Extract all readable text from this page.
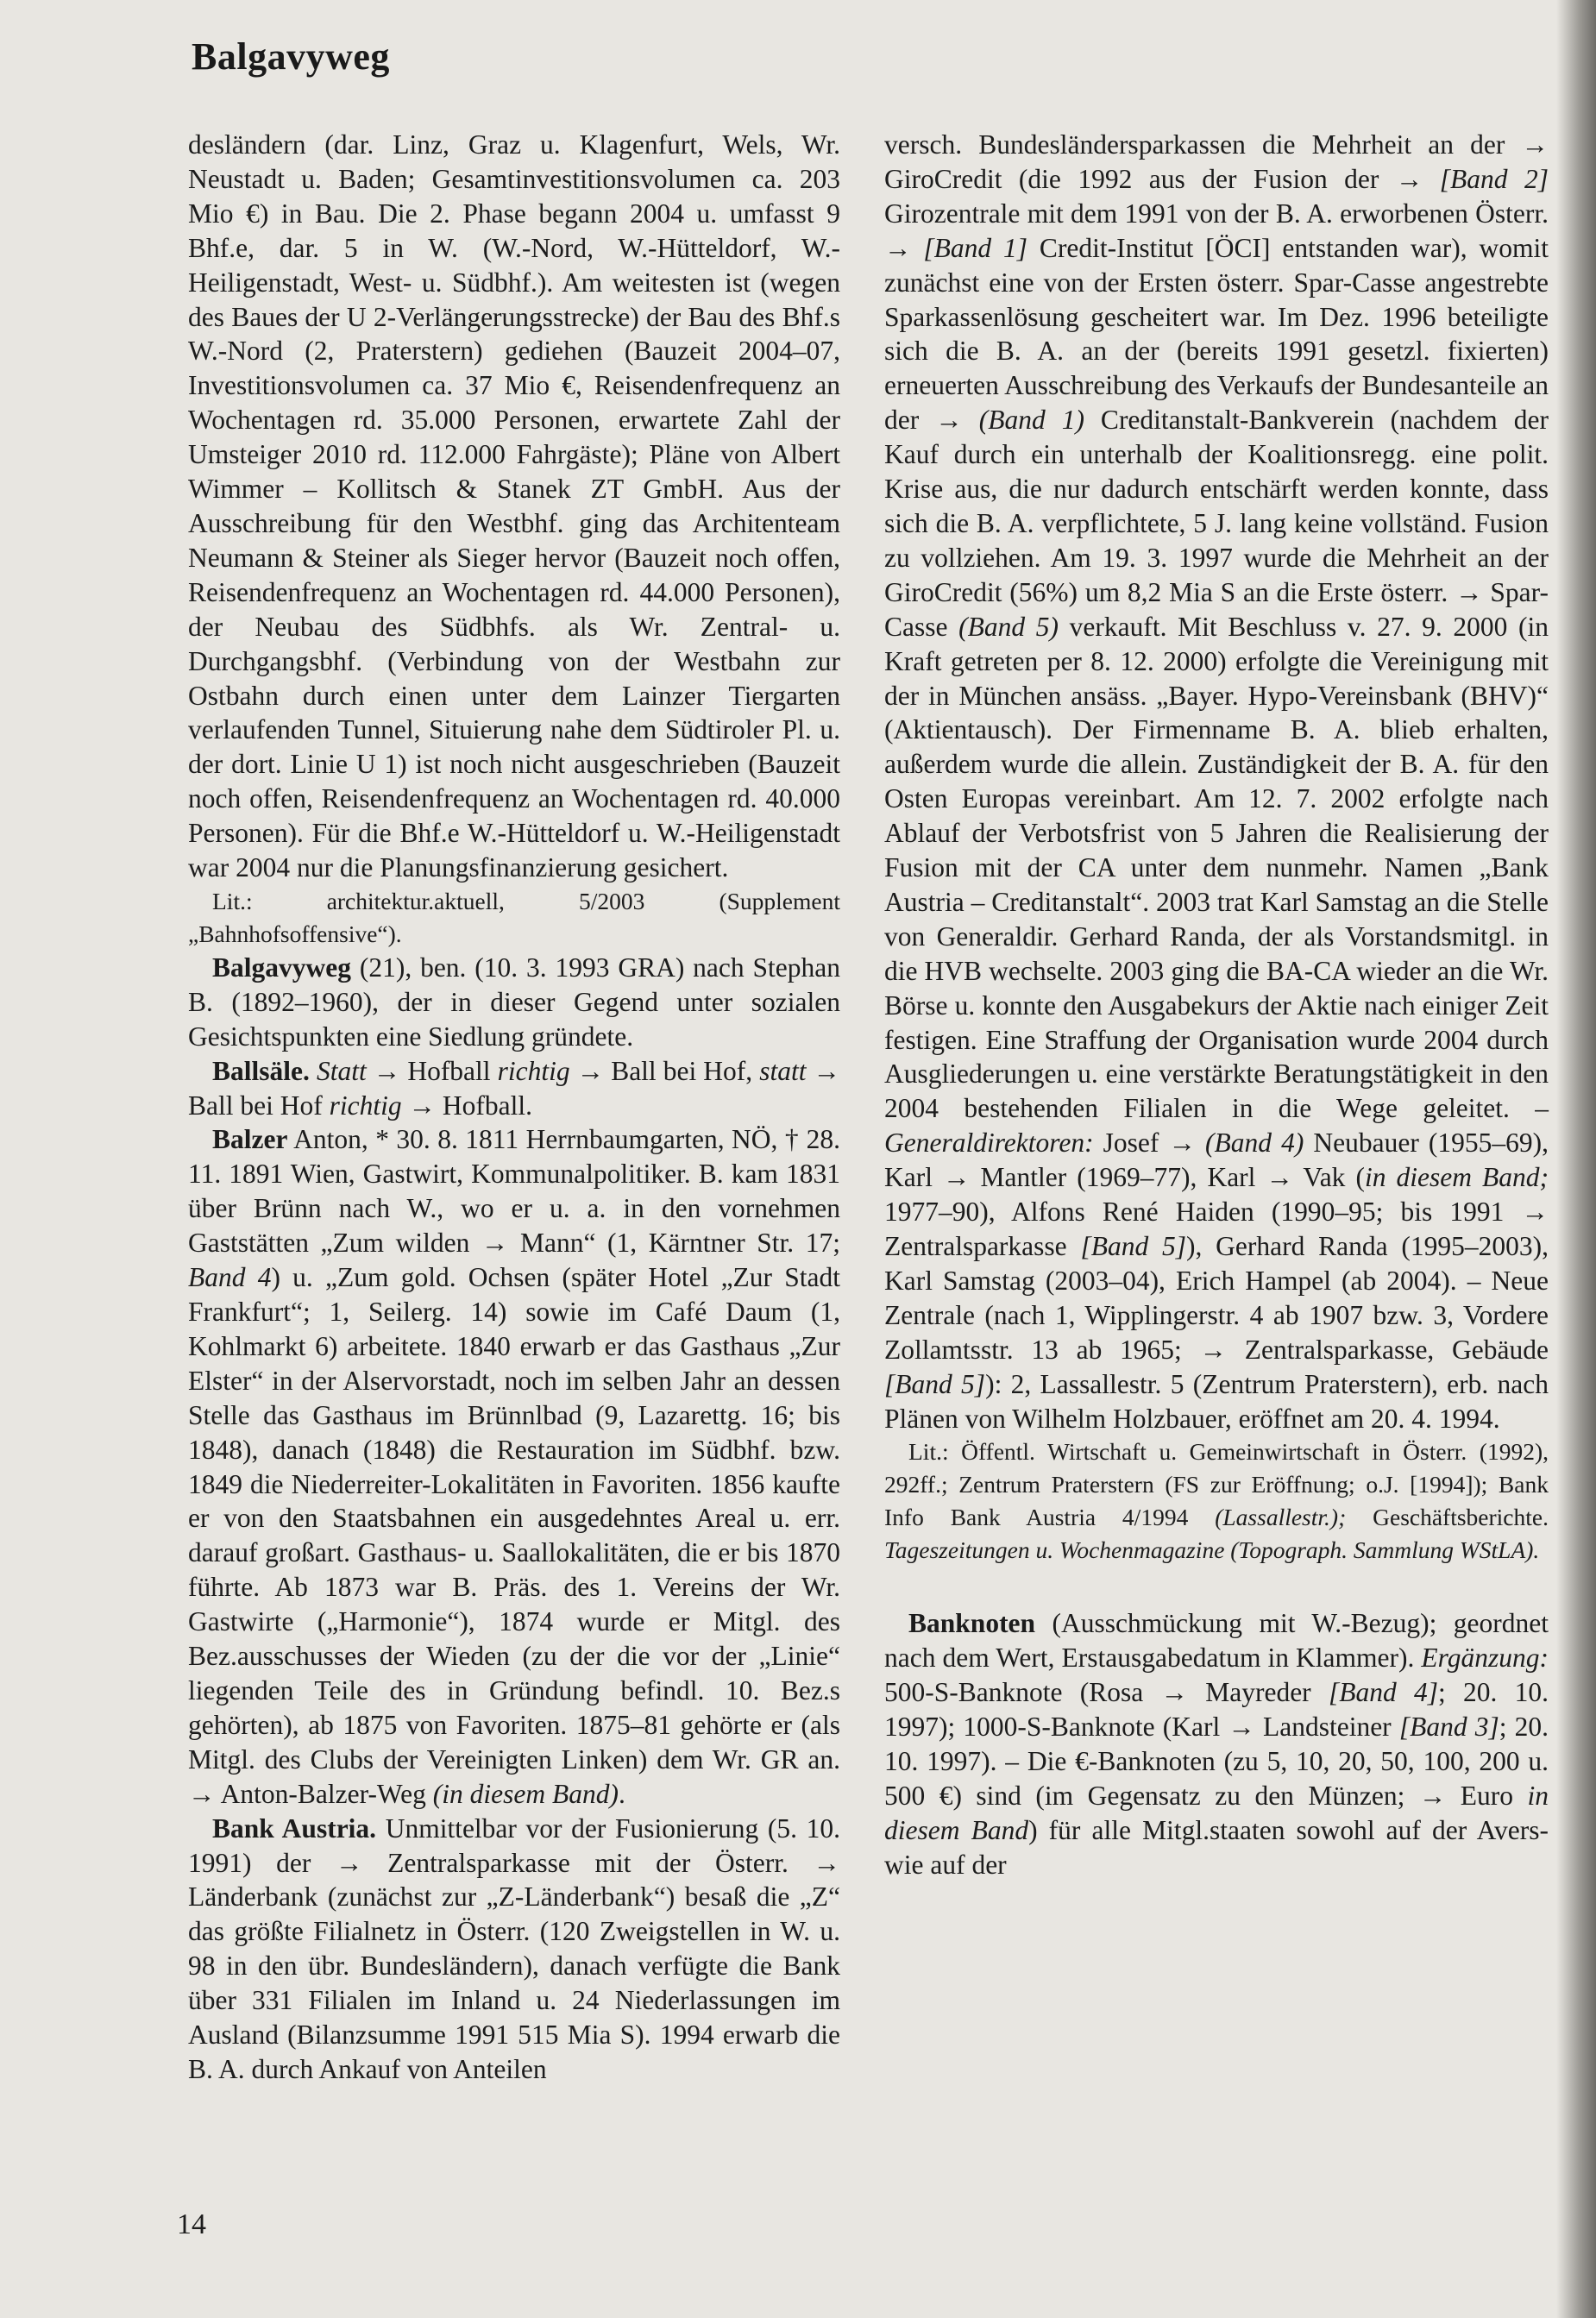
Balgavyweg

desländern (dar. Linz, Graz u. Klagenfurt, Wels, Wr. Neustadt u. Baden; Gesamtinvestitionsvolumen ca. 203 Mio €) in Bau. Die 2. Phase begann 2004 u. umfasst 9 Bhf.e, dar. 5 in W. (W.-Nord, W.-Hütteldorf, W.-Heiligenstadt, West- u. Südbhf.). Am weitesten ist (wegen des Baues der U 2-Verlängerungsstrecke) der Bau des Bhf.s W.-Nord (2, Praterstern) gediehen (Bauzeit 2004–07, Investitionsvolumen ca. 37 Mio €, Reisendenfrequenz an Wochentagen rd. 35.000 Personen, erwartete Zahl der Umsteiger 2010 rd. 112.000 Fahrgäste); Pläne von Albert Wimmer – Kollitsch & Stanek ZT GmbH. Aus der Ausschreibung für den Westbhf. ging das Architenteam Neumann & Steiner als Sieger hervor (Bauzeit noch offen, Reisendenfrequenz an Wochentagen rd. 44.000 Personen), der Neubau des Südbhfs. als Wr. Zentral- u. Durchgangsbhf. (Verbindung von der Westbahn zur Ostbahn durch einen unter dem Lainzer Tiergarten verlaufenden Tunnel, Situierung nahe dem Südtiroler Pl. u. der dort. Linie U 1) ist noch nicht ausgeschrieben (Bauzeit noch offen, Reisendenfrequenz an Wochentagen rd. 40.000 Personen). Für die Bhf.e W.-Hütteldorf u. W.-Heiligenstadt war 2004 nur die Planungsfinanzierung gesichert.

Lit.: architektur.aktuell, 5/2003 (Supplement „Bahnhofsoffensive“).

Balgavyweg (21), ben. (10. 3. 1993 GRA) nach Stephan B. (1892–1960), der in dieser Gegend unter sozialen Gesichtspunkten eine Siedlung gründete.

Ballsäle. Statt → Hofball richtig → Ball bei Hof, statt → Ball bei Hof richtig → Hofball.

Balzer Anton, * 30. 8. 1811 Herrnbaumgarten, NÖ, † 28. 11. 1891 Wien, Gastwirt, Kommunalpolitiker. B. kam 1831 über Brünn nach W., wo er u. a. in den vornehmen Gaststätten „Zum wilden → Mann“ (1, Kärntner Str. 17; Band 4) u. „Zum gold. Ochsen (später Hotel „Zur Stadt Frankfurt“; 1, Seilerg. 14) sowie im Café Daum (1, Kohlmarkt 6) arbeitete. 1840 erwarb er das Gasthaus „Zur Elster“ in der Alservorstadt, noch im selben Jahr an dessen Stelle das Gasthaus im Brünnlbad (9, Lazarettg. 16; bis 1848), danach (1848) die Restauration im Südbhf. bzw. 1849 die Niederreiter-Lokalitäten in Favoriten. 1856 kaufte er von den Staatsbahnen ein ausgedehntes Areal u. err. darauf großart. Gasthaus- u. Saallokalitäten, die er bis 1870 führte. Ab 1873 war B. Präs. des 1. Vereins der Wr. Gastwirte („Harmonie“), 1874 wurde er Mitgl. des Bez.ausschusses der Wieden (zu der die vor der „Linie“ liegenden Teile des in Gründung befindl. 10. Bez.s gehörten), ab 1875 von Favoriten. 1875–81 gehörte er (als Mitgl. des Clubs der Vereinigten Linken) dem Wr. GR an. → Anton-Balzer-Weg (in diesem Band).

Bank Austria. Unmittelbar vor der Fusionierung (5. 10. 1991) der → Zentralsparkasse mit der Österr. → Länderbank (zunächst zur „Z-Länderbank“) besaß die „Z“ das größte Filialnetz in Österr. (120 Zweigstellen in W. u. 98 in den übr. Bundesländern), danach verfügte die Bank über 331 Filialen im Inland u. 24 Niederlassungen im Ausland (Bilanzsumme 1991 515 Mia S). 1994 erwarb die B. A. durch Ankauf von Anteilen

versch. Bundesländersparkassen die Mehrheit an der → GiroCredit (die 1992 aus der Fusion der → [Band 2] Girozentrale mit dem 1991 von der B. A. erworbenen Österr. → [Band 1] Credit-Institut [ÖCI] entstanden war), womit zunächst eine von der Ersten österr. Spar-Casse angestrebte Sparkassenlösung gescheitert war. Im Dez. 1996 beteiligte sich die B. A. an der (bereits 1991 gesetzl. fixierten) erneuerten Ausschreibung des Verkaufs der Bundesanteile an der → (Band 1) Creditanstalt-Bankverein (nachdem der Kauf durch ein unterhalb der Koalitionsregg. eine polit. Krise aus, die nur dadurch entschärft werden konnte, dass sich die B. A. verpflichtete, 5 J. lang keine vollständ. Fusion zu vollziehen. Am 19. 3. 1997 wurde die Mehrheit an der GiroCredit (56%) um 8,2 Mia S an die Erste österr. → Spar-Casse (Band 5) verkauft. Mit Beschluss v. 27. 9. 2000 (in Kraft getreten per 8. 12. 2000) erfolgte die Vereinigung mit der in München ansäss. „Bayer. Hypo-Vereinsbank (BHV)“ (Aktientausch). Der Firmenname B. A. blieb erhalten, außerdem wurde die allein. Zuständigkeit der B. A. für den Osten Europas vereinbart. Am 12. 7. 2002 erfolgte nach Ablauf der Verbotsfrist von 5 Jahren die Realisierung der Fusion mit der CA unter dem nunmehr. Namen „Bank Austria – Creditanstalt“. 2003 trat Karl Samstag an die Stelle von Generaldir. Gerhard Randa, der als Vorstandsmitgl. in die HVB wechselte. 2003 ging die BA-CA wieder an die Wr. Börse u. konnte den Ausgabekurs der Aktie nach einiger Zeit festigen. Eine Straffung der Organisation wurde 2004 durch Ausgliederungen u. eine verstärkte Beratungstätigkeit in den 2004 bestehenden Filialen in die Wege geleitet. – Generaldirektoren: Josef → (Band 4) Neubauer (1955–69), Karl → Mantler (1969–77), Karl → Vak (in diesem Band; 1977–90), Alfons René Haiden (1990–95; bis 1991 → Zentralsparkasse [Band 5]), Gerhard Randa (1995–2003), Karl Samstag (2003–04), Erich Hampel (ab 2004). – Neue Zentrale (nach 1, Wipplingerstr. 4 ab 1907 bzw. 3, Vordere Zollamtsstr. 13 ab 1965; → Zentralsparkasse, Gebäude [Band 5]): 2, Lassallestr. 5 (Zentrum Praterstern), erb. nach Plänen von Wilhelm Holzbauer, eröffnet am 20. 4. 1994.

Lit.: Öffentl. Wirtschaft u. Gemeinwirtschaft in Österr. (1992), 292ff.; Zentrum Praterstern (FS zur Eröffnung; o.J. [1994]); Bank Info Bank Austria 4/1994 (Lassallestr.); Geschäftsberichte. Tageszeitungen u. Wochenmagazine (Topograph. Sammlung WStLA).

Banknoten (Ausschmückung mit W.-Bezug); geordnet nach dem Wert, Erstausgabedatum in Klammer). Ergänzung: 500-S-Banknote (Rosa → Mayreder [Band 4]; 20. 10. 1997); 1000-S-Banknote (Karl → Landsteiner [Band 3]; 20. 10. 1997). – Die €-Banknoten (zu 5, 10, 20, 50, 100, 200 u. 500 €) sind (im Gegensatz zu den Münzen; → Euro in diesem Band) für alle Mitgl.staaten sowohl auf der Avers- wie auf der

14
